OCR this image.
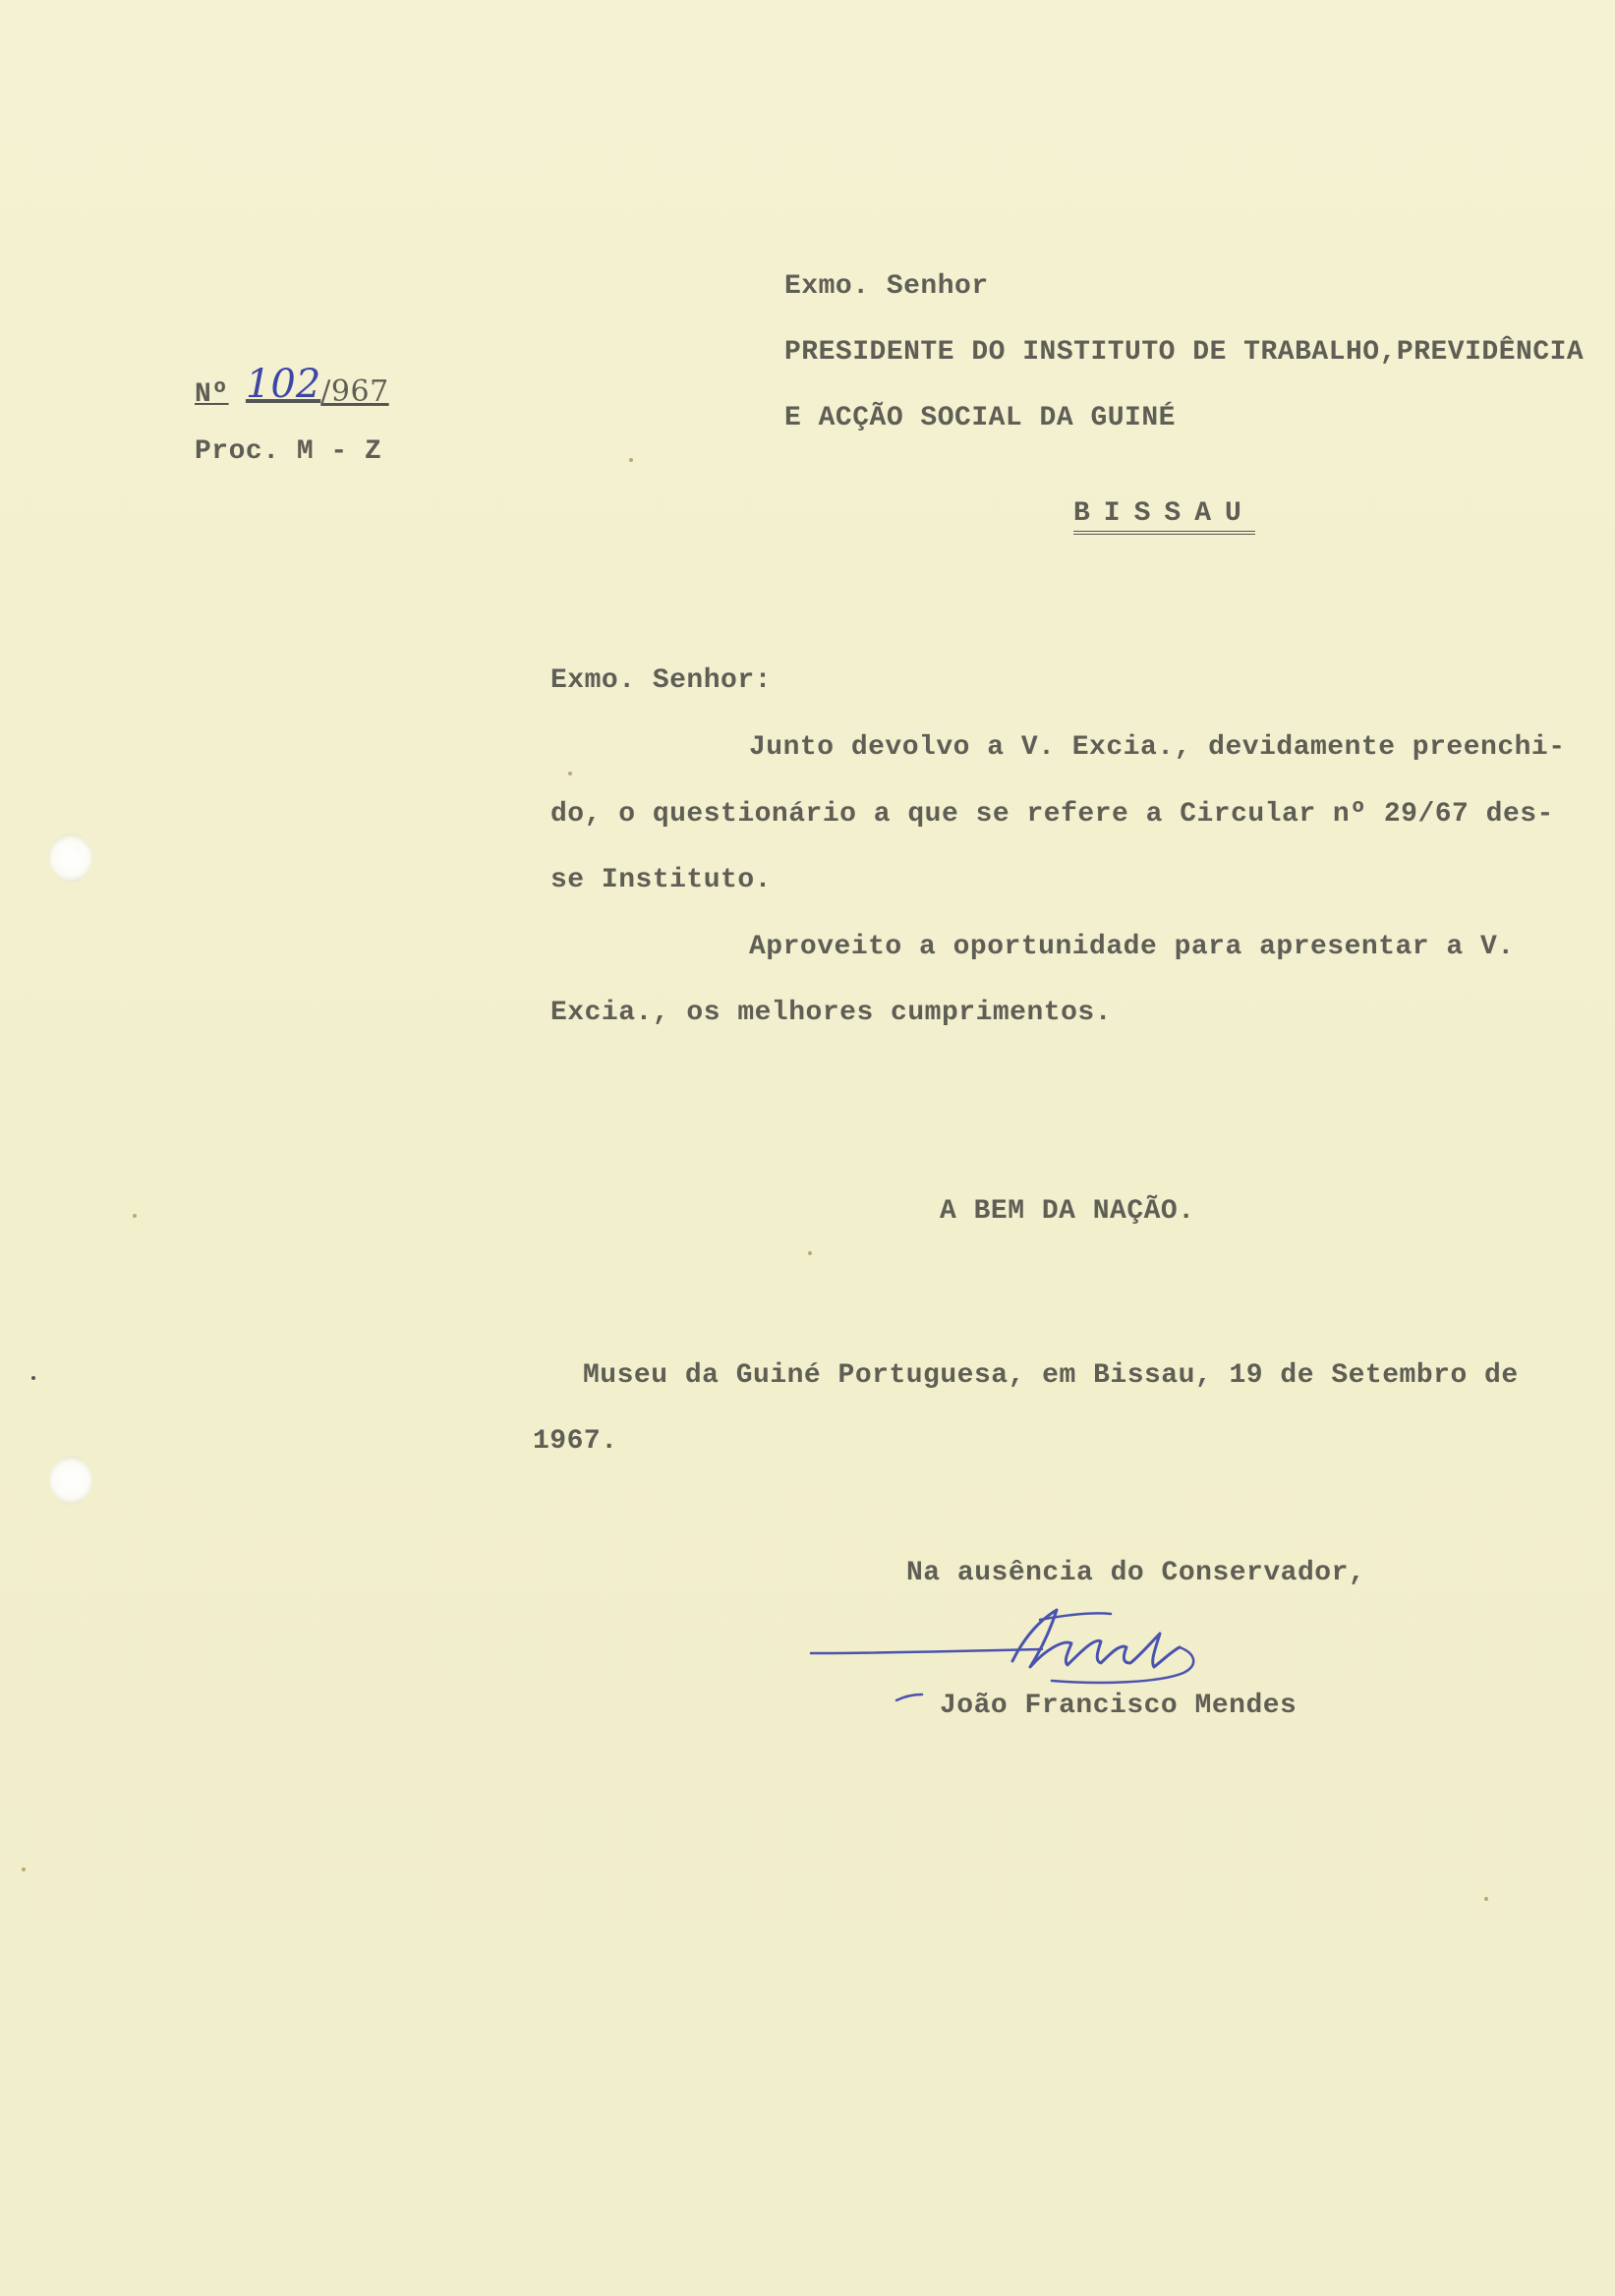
Nº 102/967
Proc. M - Z
Exmo. Senhor
PRESIDENTE DO INSTITUTO DE TRABALHO,PREVIDÊNCIA
E ACÇÃO SOCIAL DA GUINÉ
BISSAU
Exmo. Senhor:
Junto devolvo a V. Excia., devidamente preenchi-
do, o questionário a que se refere a Circular nº 29/67 des-
se Instituto.
Aproveito a oportunidade para apresentar a V.
Excia., os melhores cumprimentos.
A BEM DA NAÇÃO.
Museu da Guiné Portuguesa, em Bissau, 19 de Setembro de
1967.
Na ausência do Conservador,
João Francisco Mendes
